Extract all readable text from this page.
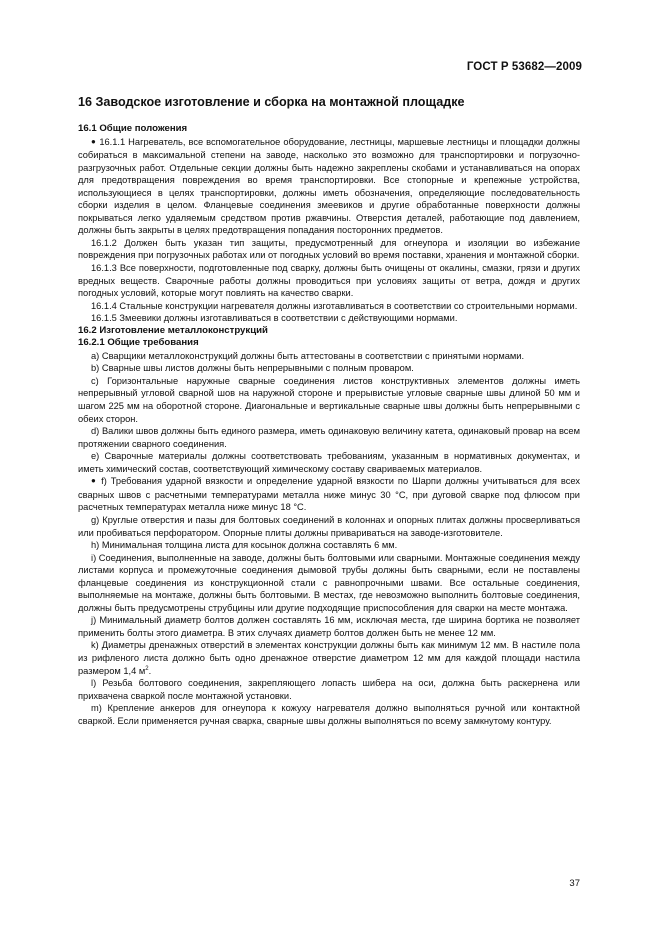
ГОСТ Р 53682—2009
16 Заводское изготовление и сборка на монтажной площадке

16.1 Общие положения

● 16.1.1 Нагреватель, все вспомогательное оборудование, лестницы, маршевые лестницы и площадки должны собираться в максимальной степени на заводе, насколько это возможно для транспортировки и погрузочно-разгрузочных работ. Отдельные секции должны быть надежно закреплены скобами и устанавливаться на опорах для предотвращения повреждения во время транспортировки. Все стопорные и крепежные устройства, использующиеся в целях транспортировки, должны иметь обозначения, определяющие последовательность сборки изделия в целом. Фланцевые соединения змеевиков и другие обработанные поверхности должны покрываться легко удаляемым средством против ржавчины. Отверстия деталей, работающие под давлением, должны быть закрыты в целях предотвращения попадания посторонних предметов.

16.1.2 Должен быть указан тип защиты, предусмотренный для огнеупора и изоляции во избежание повреждения при погрузочных работах или от погодных условий во время поставки, хранения и монтажной сборки.

16.1.3 Все поверхности, подготовленные под сварку, должны быть очищены от окалины, смазки, грязи и других вредных веществ. Сварочные работы должны проводиться при условиях защиты от ветра, дождя и других погодных условий, которые могут повлиять на качество сварки.

16.1.4 Стальные конструкции нагревателя должны изготавливаться в соответствии со строительными нормами.

16.1.5 Змеевики должны изготавливаться в соответствии с действующими нормами.

16.2 Изготовление металлоконструкций

16.2.1 Общие требования

a) Сварщики металлоконструкций должны быть аттестованы в соответствии с принятыми нормами.

b) Сварные швы листов должны быть непрерывными с полным проваром.

c) Горизонтальные наружные сварные соединения листов конструктивных элементов должны иметь непрерывный угловой сварной шов на наружной стороне и прерывистые угловые сварные швы длиной 50 мм и шагом 225 мм на оборотной стороне. Диагональные и вертикальные сварные швы должны быть непрерывными с обеих сторон.

d) Валики швов должны быть единого размера, иметь одинаковую величину катета, одинаковый провар на всем протяжении сварного соединения.

e) Сварочные материалы должны соответствовать требованиям, указанным в нормативных документах, и иметь химический состав, соответствующий химическому составу свариваемых материалов.

● f) Требования ударной вязкости и определение ударной вязкости по Шарпи должны учитываться для всех сварных швов с расчетными температурами металла ниже минус 30 °С, при дуговой сварке под флюсом при расчетных температурах металла ниже минус 18 °С.

g) Круглые отверстия и пазы для болтовых соединений в колоннах и опорных плитах должны просверливаться или пробиваться перфоратором. Опорные плиты должны привариваться на заводе-изготовителе.

h) Минимальная толщина листа для косынок должна составлять 6 мм.

i) Соединения, выполненные на заводе, должны быть болтовыми или сварными. Монтажные соединения между листами корпуса и промежуточные соединения дымовой трубы должны быть сварными, если не поставлены фланцевые соединения из конструкционной стали с равнопрочными швами. Все остальные соединения, выполняемые на монтаже, должны быть болтовыми. В местах, где невозможно выполнить болтовые соединения, должны быть предусмотрены струбцины или другие подходящие приспособления для сварки на месте монтажа.

j) Минимальный диаметр болтов должен составлять 16 мм, исключая места, где ширина бортика не позволяет применить болты этого диаметра. В этих случаях диаметр болтов должен быть не менее 12 мм.

k) Диаметры дренажных отверстий в элементах конструкции должны быть как минимум 12 мм. В настиле пола из рифленого листа должно быть одно дренажное отверстие диаметром 12 мм для каждой площади настила размером 1,4 $м^2$.

l) Резьба болтового соединения, закрепляющего лопасть шибера на оси, должна быть раскернена или прихвачена сваркой после монтажной установки.

m) Крепление анкеров для огнеупора к кожуху нагревателя должно выполняться ручной или контактной сваркой. Если применяется ручная сварка, сварные швы должны выполняться по всему замкнутому контуру.

37
